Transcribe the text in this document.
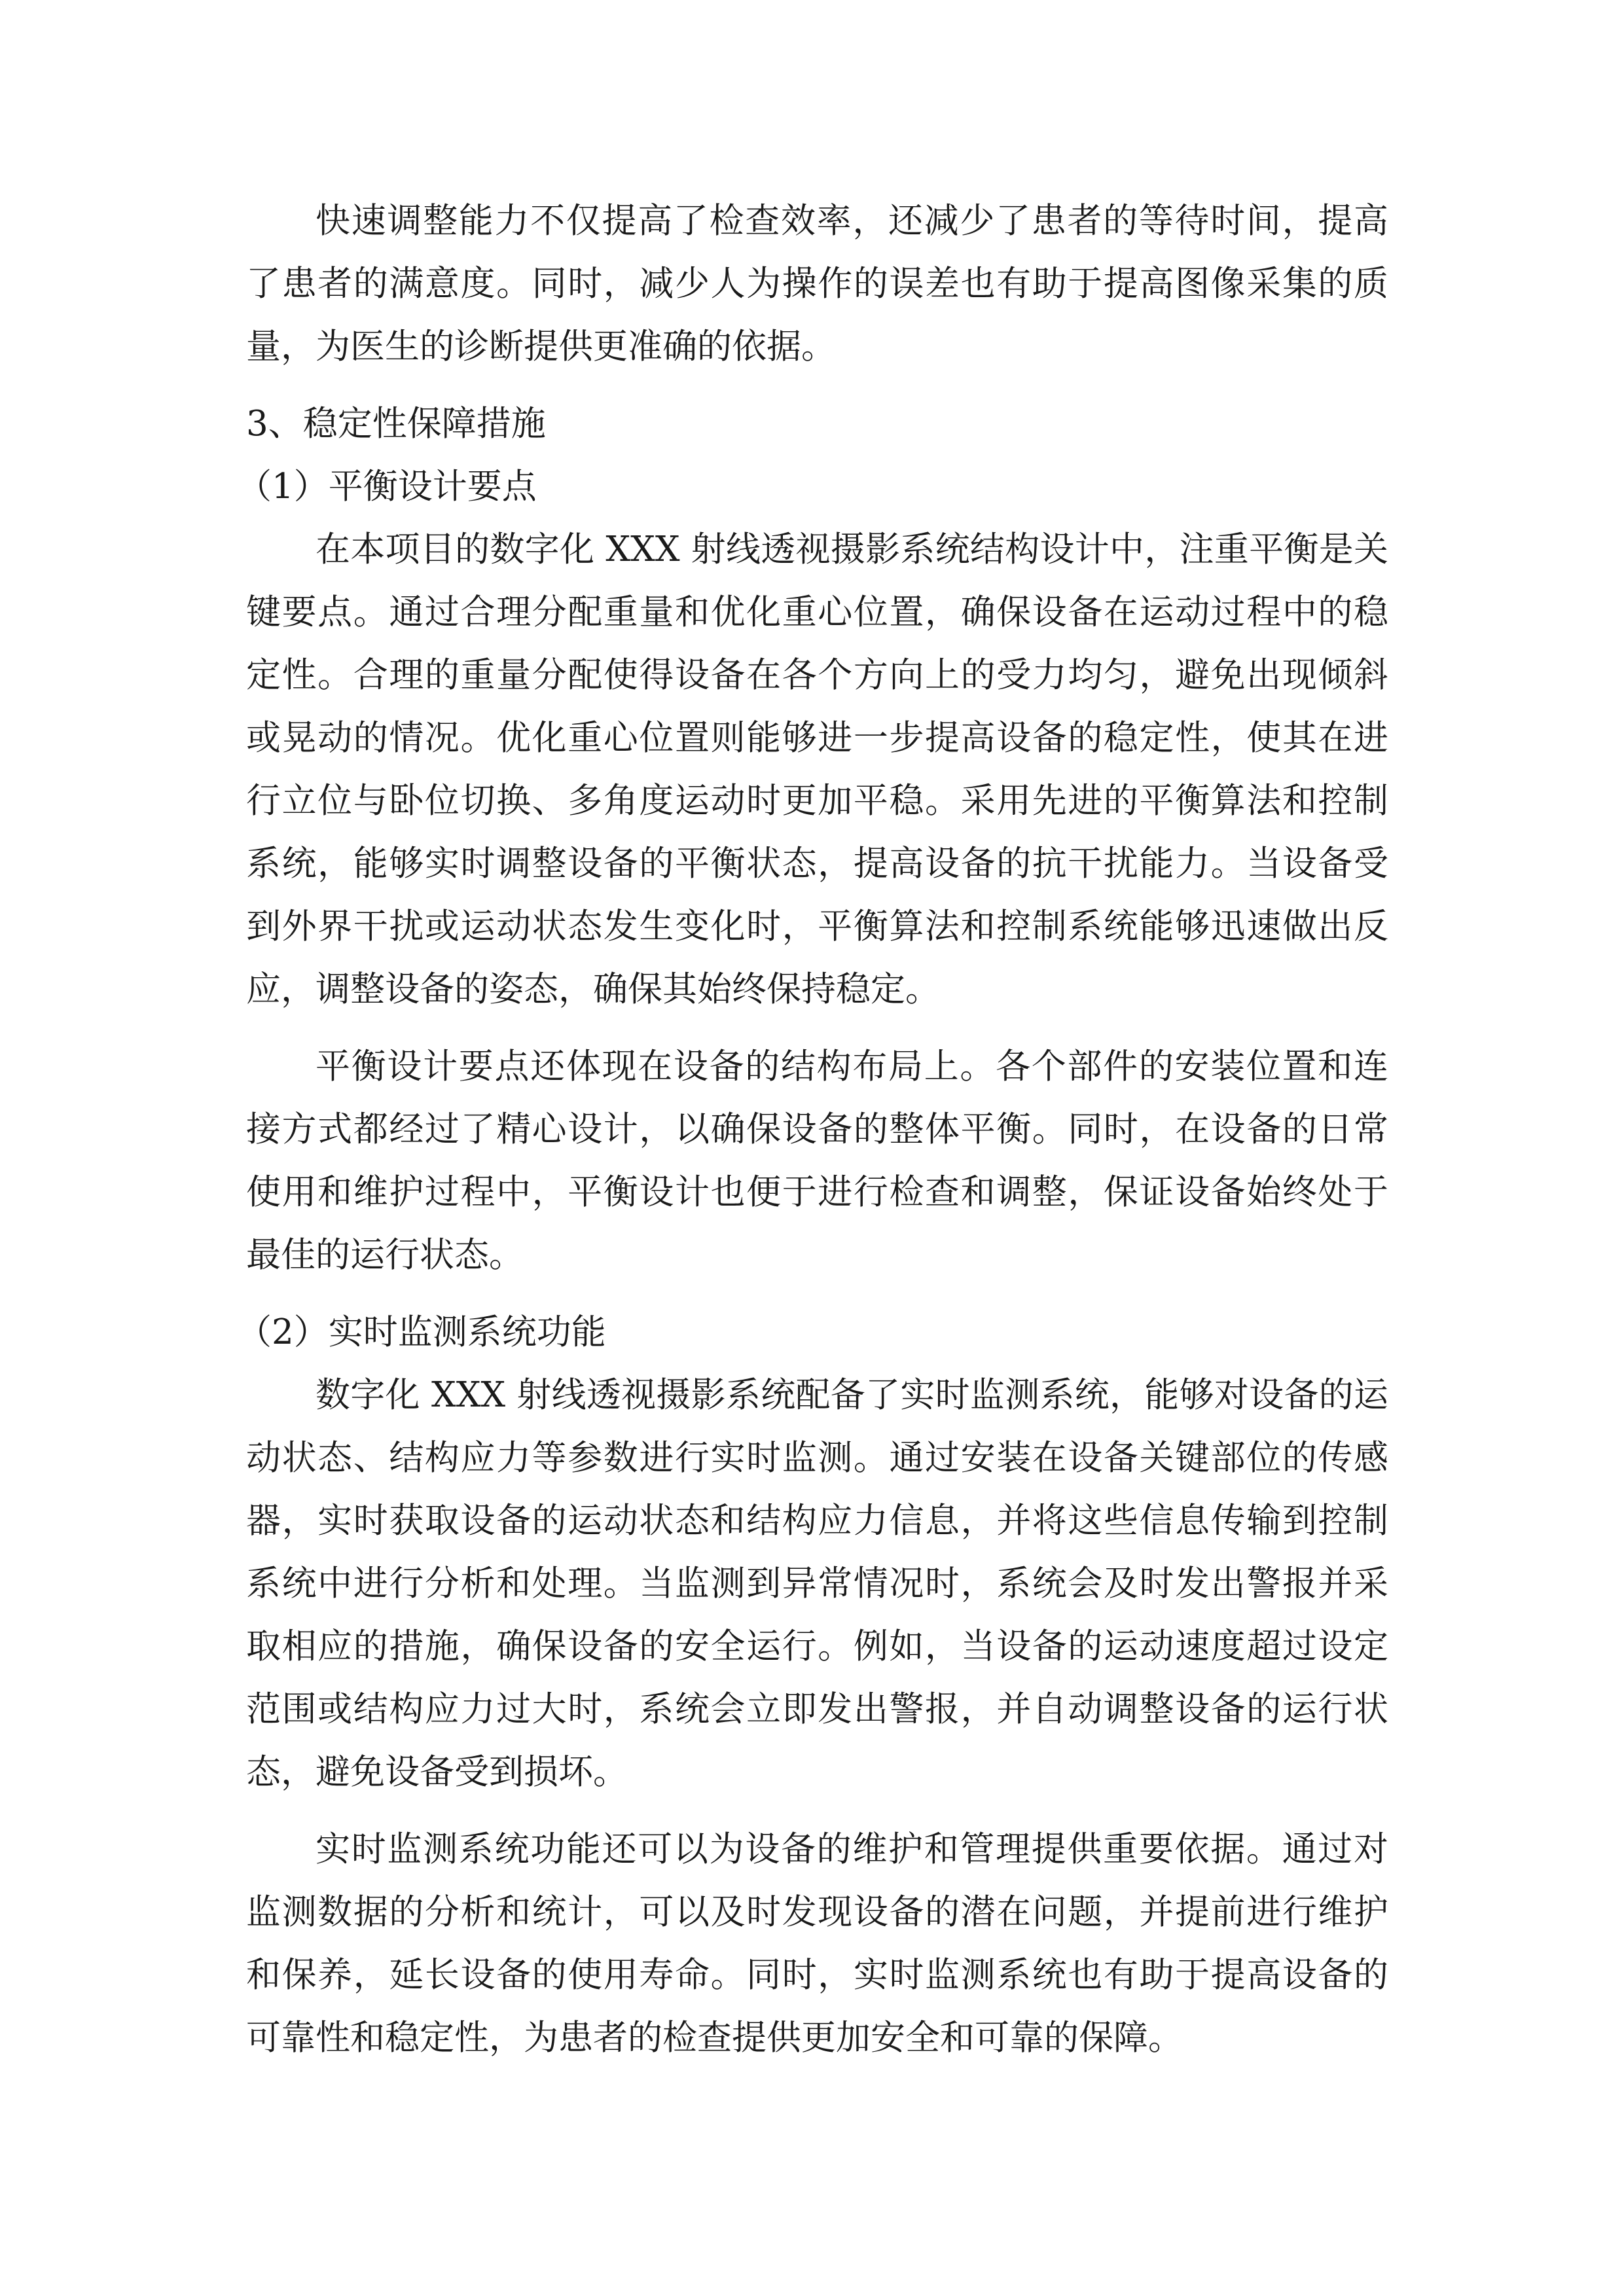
快速调整能力不仅提高了检查效率，还减少了患者的等待时间，提高了患者的满意度。同时，减少人为操作的误差也有助于提高图像采集的质量，为医生的诊断提供更准确的依据。

3、稳定性保障措施

（1）平衡设计要点

在本项目的数字化 XXX 射线透视摄影系统结构设计中，注重平衡是关键要点。通过合理分配重量和优化重心位置，确保设备在运动过程中的稳定性。合理的重量分配使得设备在各个方向上的受力均匀，避免出现倾斜或晃动的情况。优化重心位置则能够进一步提高设备的稳定性，使其在进行立位与卧位切换、多角度运动时更加平稳。采用先进的平衡算法和控制系统，能够实时调整设备的平衡状态，提高设备的抗干扰能力。当设备受到外界干扰或运动状态发生变化时，平衡算法和控制系统能够迅速做出反应，调整设备的姿态，确保其始终保持稳定。

平衡设计要点还体现在设备的结构布局上。各个部件的安装位置和连接方式都经过了精心设计，以确保设备的整体平衡。同时，在设备的日常使用和维护过程中，平衡设计也便于进行检查和调整，保证设备始终处于最佳的运行状态。

（2）实时监测系统功能

数字化 XXX 射线透视摄影系统配备了实时监测系统，能够对设备的运动状态、结构应力等参数进行实时监测。通过安装在设备关键部位的传感器，实时获取设备的运动状态和结构应力信息，并将这些信息传输到控制系统中进行分析和处理。当监测到异常情况时，系统会及时发出警报并采取相应的措施，确保设备的安全运行。例如，当设备的运动速度超过设定范围或结构应力过大时，系统会立即发出警报，并自动调整设备的运行状态，避免设备受到损坏。

实时监测系统功能还可以为设备的维护和管理提供重要依据。通过对监测数据的分析和统计，可以及时发现设备的潜在问题，并提前进行维护和保养，延长设备的使用寿命。同时，实时监测系统也有助于提高设备的可靠性和稳定性，为患者的检查提供更加安全和可靠的保障。
